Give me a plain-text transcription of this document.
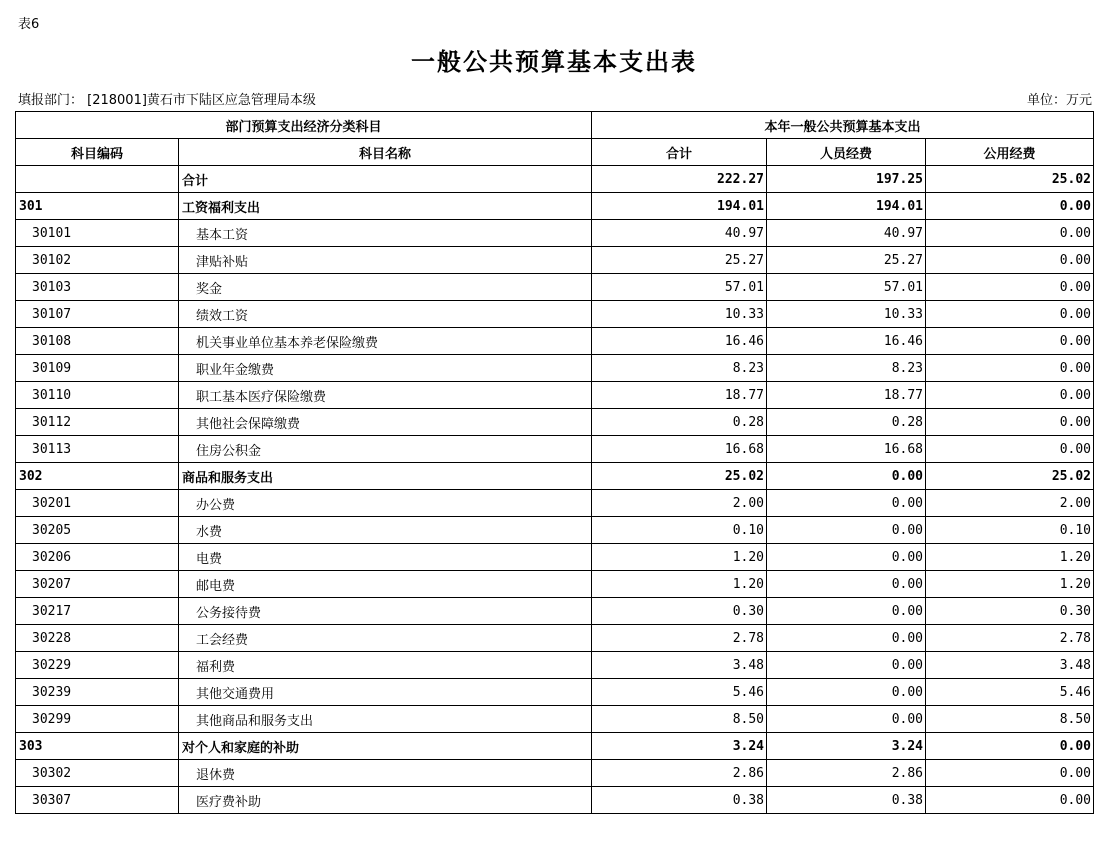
表6
一般公共预算基本支出表
填报部门： [218001]黄石市下陆区应急管理局本级	单位：万元
部门预算支出经济分类科目		本年一般公共预算基本支出		
科目编码	科目名称	合计	人员经费	公用经费
	合计	222.27	197.25	25.02
301	工资福利支出	194.01	194.01	0.00
30101	基本工资	40.97	40.97	0.00
30102	津贴补贴	25.27	25.27	0.00
30103	奖金	57.01	57.01	0.00
30107	绩效工资	10.33	10.33	0.00
30108	机关事业单位基本养老保险缴费	16.46	16.46	0.00
30109	职业年金缴费	8.23	8.23	0.00
30110	职工基本医疗保险缴费	18.77	18.77	0.00
30112	其他社会保障缴费	0.28	0.28	0.00
30113	住房公积金	16.68	16.68	0.00
302	商品和服务支出	25.02	0.00	25.02
30201	办公费	2.00	0.00	2.00
30205	水费	0.10	0.00	0.10
30206	电费	1.20	0.00	1.20
30207	邮电费	1.20	0.00	1.20
30217	公务接待费	0.30	0.00	0.30
30228	工会经费	2.78	0.00	2.78
30229	福利费	3.48	0.00	3.48
30239	其他交通费用	5.46	0.00	5.46
30299	其他商品和服务支出	8.50	0.00	8.50
303	对个人和家庭的补助	3.24	3.24	0.00
30302	退休费	2.86	2.86	0.00
30307	医疗费补助	0.38	0.38	0.00
